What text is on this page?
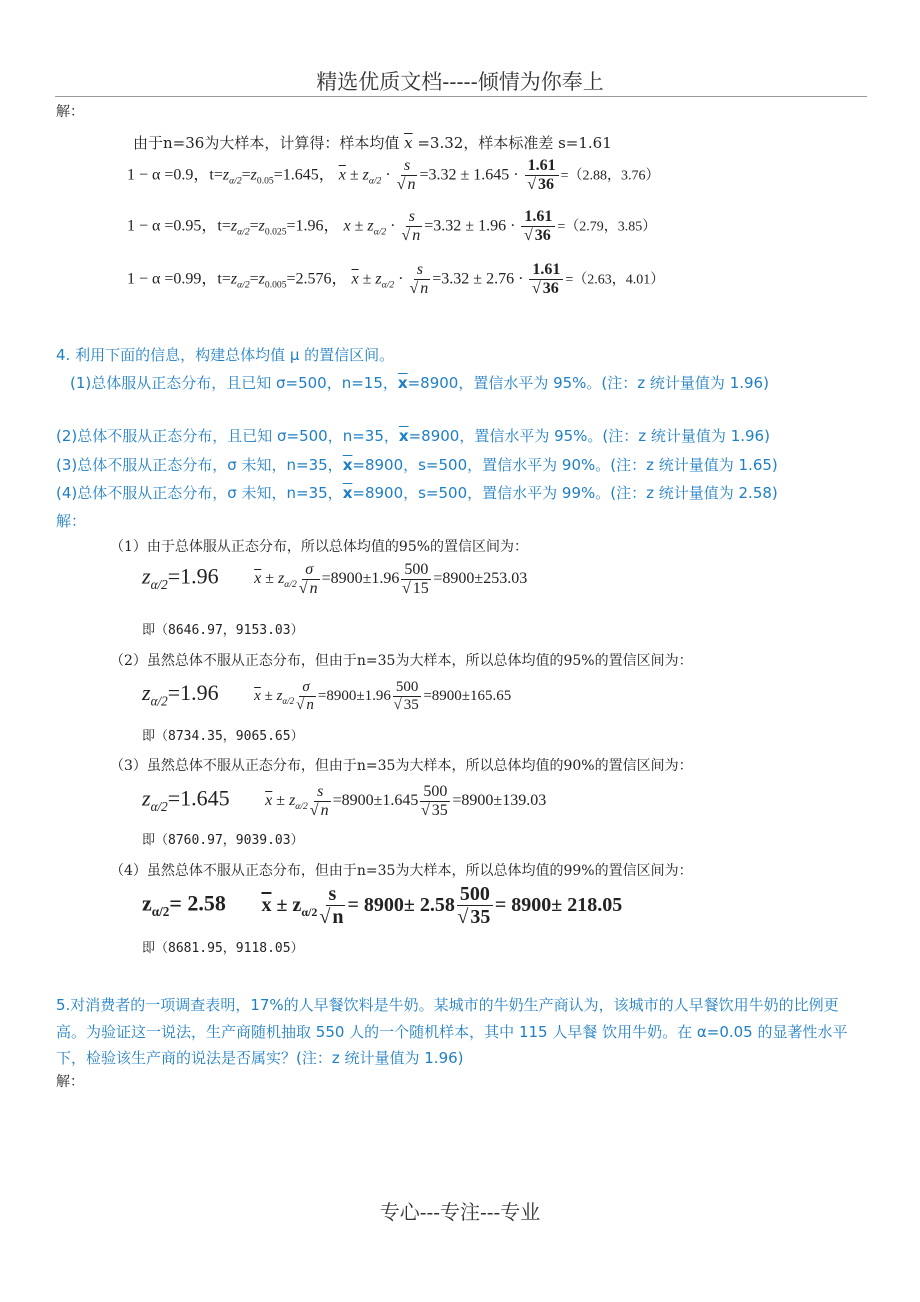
精选优质文档-----倾情为你奉上
专心---专注---专业
解：
由于n=36为大样本，计算得：样本均值 $\overline{x} =3.32$，样本标准差 s=1.61
1 − α =0.9，$t=z_{\alpha/2}=z_{0.05}=1.645$， $\overline{x} \pm z_{\alpha/2} \cdot \frac{s}{√ n} =3.32 \pm 1.645 \cdot \frac{1.61}{√ 36} =(2.88$，3.76）
1 − α =0.95，$t=z_{\alpha/2}=z_{0.025}=1.96$， $x \pm z_{\alpha/2} \cdot \frac{s}{√ n} =3.32 \pm 1.96 \cdot \frac{1.61}{√ 36} =(2.79$，3.85）
1 − α =0.99，$t=z_{\alpha/2}=z_{0.005}=2.576$， $\overline{x} \pm z_{\alpha/2} \cdot \frac{s}{√ n} =3.32 \pm 2.76 \cdot \frac{1.61}{√ 36} =(2.63$，4.01）
4. 利用下面的信息，构建总体均值 μ 的置信区间。
(1)总体服从正态分布，且已知 σ=500，n=15，$\overline{x}=8900$，置信水平为 95%。(注：z 统计量值为 1.96)
(2)总体不服从正态分布，且已知 σ=500，n=35，$\overline{x}=8900$，置信水平为 95%。(注：z 统计量值为 1.96)
(3)总体不服从正态分布，σ 未知，n=35，$\overline{x}=8900$，s=500，置信水平为 90%。(注：z 统计量值为 1.65)
(4)总体不服从正态分布，σ 未知，n=35，$\overline{x}=8900$，s=500，置信水平为 99%。(注：z 统计量值为 2.58)
解：
（1）由于总体服从正态分布，所以总体均值的95%的置信区间为：
$z_{\alpha/2}=1.96$ $\overline{x} \pm z_{\alpha/2} \frac{\sigma}{√ n} =8900\pm 1.96 \frac{500}{√ 15} =8900\pm 253.03$
即（8646.97，9153.03）
（2）虽然总体不服从正态分布，但由于n=35为大样本，所以总体均值的95%的置信区间为：
$z_{\alpha/2}=1.96$ $\overline{x} \pm z_{\alpha/2} \frac{\sigma}{√ n} =8900\pm 1.96 \frac{500}{√ 35} =8900\pm 165.65$
即（8734.35，9065.65）
（3）虽然总体不服从正态分布，但由于n=35为大样本，所以总体均值的90%的置信区间为：
$z_{\alpha/2}=1.645$ $\overline{x} \pm z_{\alpha/2} \frac{s}{√ n} =8900\pm 1.645 \frac{500}{√ 35} =8900\pm 139.03$
即（8760.97，9039.03）
（4）虽然总体不服从正态分布，但由于n=35为大样本，所以总体均值的99%的置信区间为：
$z_{\alpha/2}= 2.58$ $\overline{x} \pm z_{\alpha/2} \frac{s}{√ n} = 8900\pm 2.58 \frac{500}{√ 35} = 8900\pm 218.05$
即（8681.95，9118.05）
5.对消费者的一项调查表明，17%的人早餐饮料是牛奶。某城市的牛奶生产商认为，该城市的人早餐饮用牛奶的比例更
高。为验证这一说法，生产商随机抽取 550 人的一个随机样本，其中 115 人早餐 饮用牛奶。在 α=0.05 的显著性水平
下，检验该生产商的说法是否属实？(注：z 统计量值为 1.96)
解：
